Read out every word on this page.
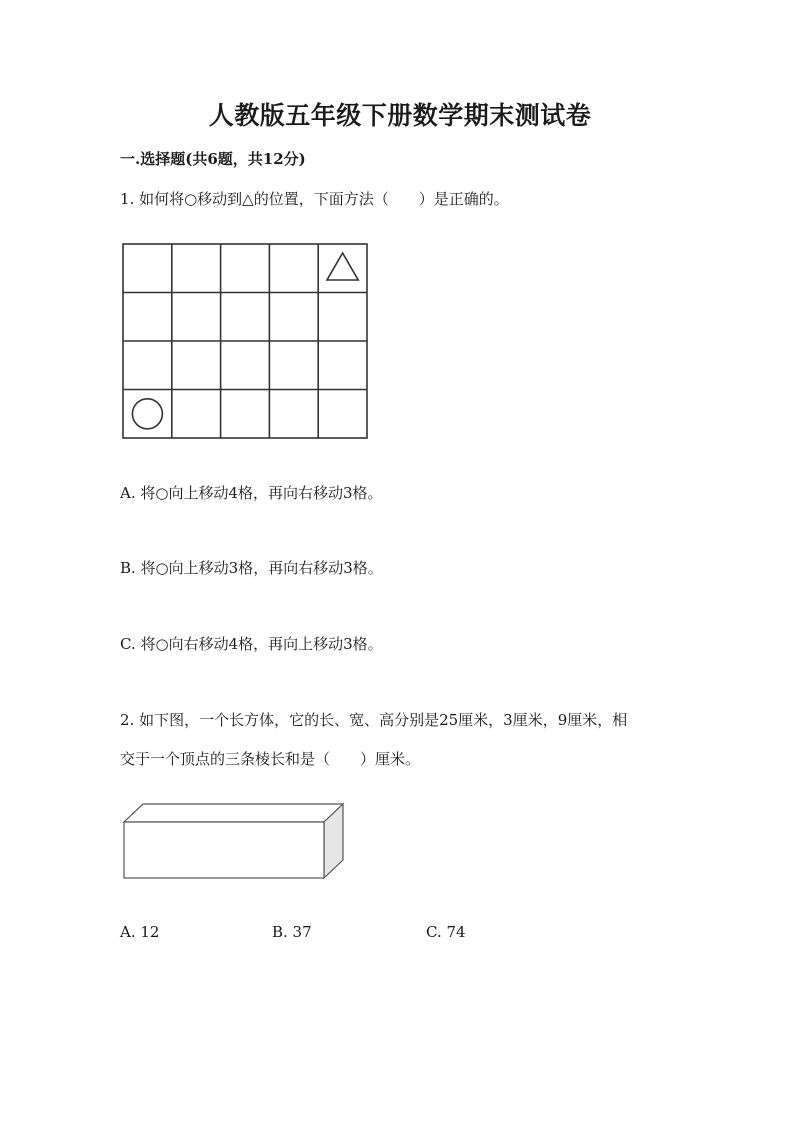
人教版五年级下册数学期末测试卷
一.选择题(共6题，共12分)
1. 如何将○移动到△的位置，下面方法（　　）是正确的。
A. 将○向上移动4格，再向右移动3格。
B. 将○向上移动3格，再向右移动3格。
C. 将○向右移动4格，再向上移动3格。
2. 如下图，一个长方体，它的长、宽、高分别是25厘米，3厘米，9厘米，相
交于一个顶点的三条棱长和是（　　）厘米。
A. 12	B. 37	C. 74
